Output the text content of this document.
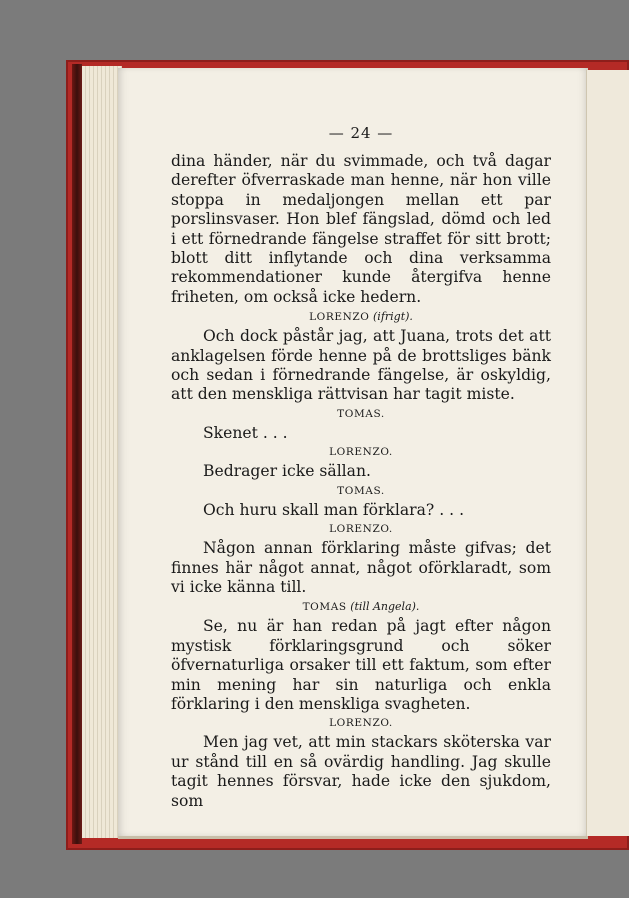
— 24 —

dina händer, när du svimmade, och två dagar derefter öfverraskade man henne, när hon ville stoppa in medaljongen mellan ett par porslinsvaser. Hon blef fängslad, dömd och led i ett förnedrande fängelse straffet för sitt brott; blott ditt inflytande och dina verksamma rekommendationer kunde återgifva henne friheten, om också icke hedern.

LORENZO (ifrigt).

Och dock påstår jag, att Juana, trots det att anklagelsen förde henne på de brottsliges bänk och sedan i förnedrande fängelse, är oskyldig, att den menskliga rättvisan har tagit miste.

TOMAS.

Skenet . . .

LORENZO.

Bedrager icke sällan.

TOMAS.

Och huru skall man förklara? . . .

LORENZO.

Någon annan förklaring måste gifvas; det finnes här något annat, något oförklaradt, som vi icke känna till.

TOMAS (till Angela).

Se, nu är han redan på jagt efter någon mystisk förklaringsgrund och söker öfvernaturliga orsaker till ett faktum, som efter min mening har sin naturliga och enkla förklaring i den menskliga svagheten.

LORENZO.

Men jag vet, att min stackars sköterska var ur stånd till en så ovärdig handling. Jag skulle tagit hennes försvar, hade icke den sjukdom, som
